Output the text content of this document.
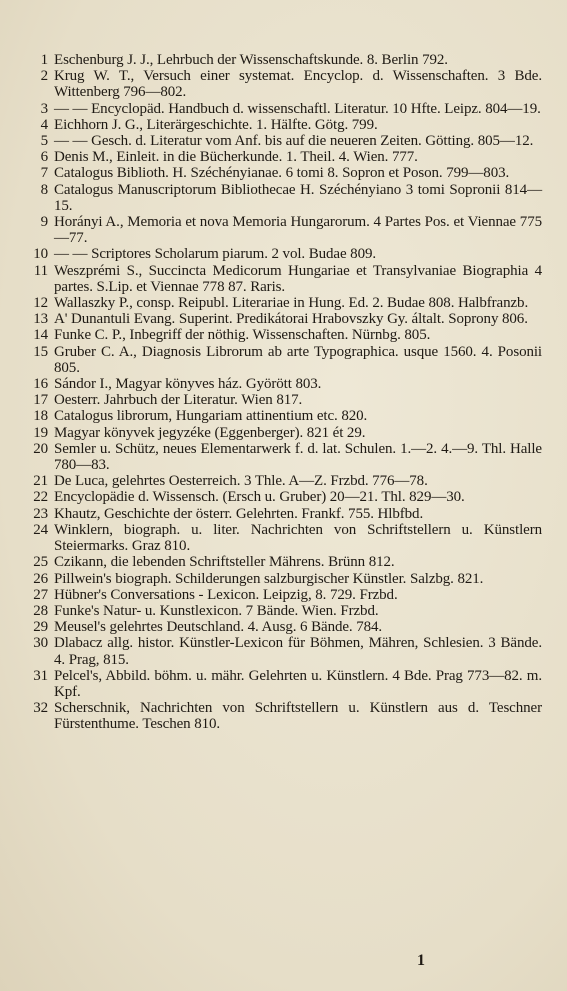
1 Eschenburg J. J., Lehrbuch der Wissenschaftskunde. 8. Berlin 792.
2 Krug W. T., Versuch einer systemat. Encyclop. d. Wissenschaften. 3 Bde. Wittenberg 796—802.
3 — — Encyclopäd. Handbuch d. wissenschaftl. Literatur. 10 Hfte. Leipz. 804—19.
4 Eichhorn J. G., Literärgeschichte. 1. Hälfte. Götg. 799.
5 — — Gesch. d. Literatur vom Anf. bis auf die neueren Zeiten. Götting. 805—12.
6 Denis M., Einleit. in die Bücherkunde. 1. Theil. 4. Wien. 777.
7 Catalogus Biblioth. H. Széchényianae. 6 tomi 8. Sopron et Poson. 799—803.
8 Catalogus Manuscriptorum Bibliothecae H. Széchényiano 3 tomi Sopronii 814—15.
9 Horányi A., Memoria et nova Memoria Hungarorum. 4 Partes Pos. et Viennae 775—77.
10 — — Scriptores Scholarum piarum. 2 vol. Budae 809.
11 Weszprémi S., Succincta Medicorum Hungariae et Transylvaniae Biographia 4 partes. S.Lip. et Viennae 778 87. Raris.
12 Wallaszky P., consp. Reipubl. Literariae in Hung. Ed. 2. Budae 808. Halbfranzb.
13 A' Dunantuli Evang. Superint. Predikátorai Hrabovszky Gy. általt. Soprony 806.
14 Funke C. P., Inbegriff der nöthig. Wissenschaften. Nürnbg. 805.
15 Gruber C. A., Diagnosis Librorum ab arte Typographica. usque 1560. 4. Posonii 805.
16 Sándor I., Magyar könyves ház. Györött 803.
17 Oesterr. Jahrbuch der Literatur. Wien 817.
18 Catalogus librorum, Hungariam attinentium etc. 820.
19 Magyar könyvek jegyzéke (Eggenberger). 821 ét 29.
20 Semler u. Schütz, neues Elementarwerk f. d. lat. Schulen. 1.—2. 4.—9. Thl. Halle 780—83.
21 De Luca, gelehrtes Oesterreich. 3 Thle. A—Z. Frzbd. 776—78.
22 Encyclopädie d. Wissensch. (Ersch u. Gruber) 20—21. Thl. 829—30.
23 Khautz, Geschichte der österr. Gelehrten. Frankf. 755. Hlbfbd.
24 Winklern, biograph. u. liter. Nachrichten von Schriftstellern u. Künstlern Steiermarks. Graz 810.
25 Czikann, die lebenden Schriftsteller Mährens. Brünn 812.
26 Pillwein's biograph. Schilderungen salzburgischer Künstler. Salzbg. 821.
27 Hübner's Conversations - Lexicon. Leipzig, 8. 729. Frzbd.
28 Funke's Natur- u. Kunstlexicon. 7 Bände. Wien. Frzbd.
29 Meusel's gelehrtes Deutschland. 4. Ausg. 6 Bände. 784.
30 Dlabacz allg. histor. Künstler-Lexicon für Böhmen, Mähren, Schlesien. 3 Bände. 4. Prag, 815.
31 Pelcel's, Abbild. böhm. u. mähr. Gelehrten u. Künstlern. 4 Bde. Prag 773—82. m. Kpf.
32 Scherschnik, Nachrichten von Schriftstellern u. Künstlern aus d. Teschner Fürstenthume. Teschen 810.
1
